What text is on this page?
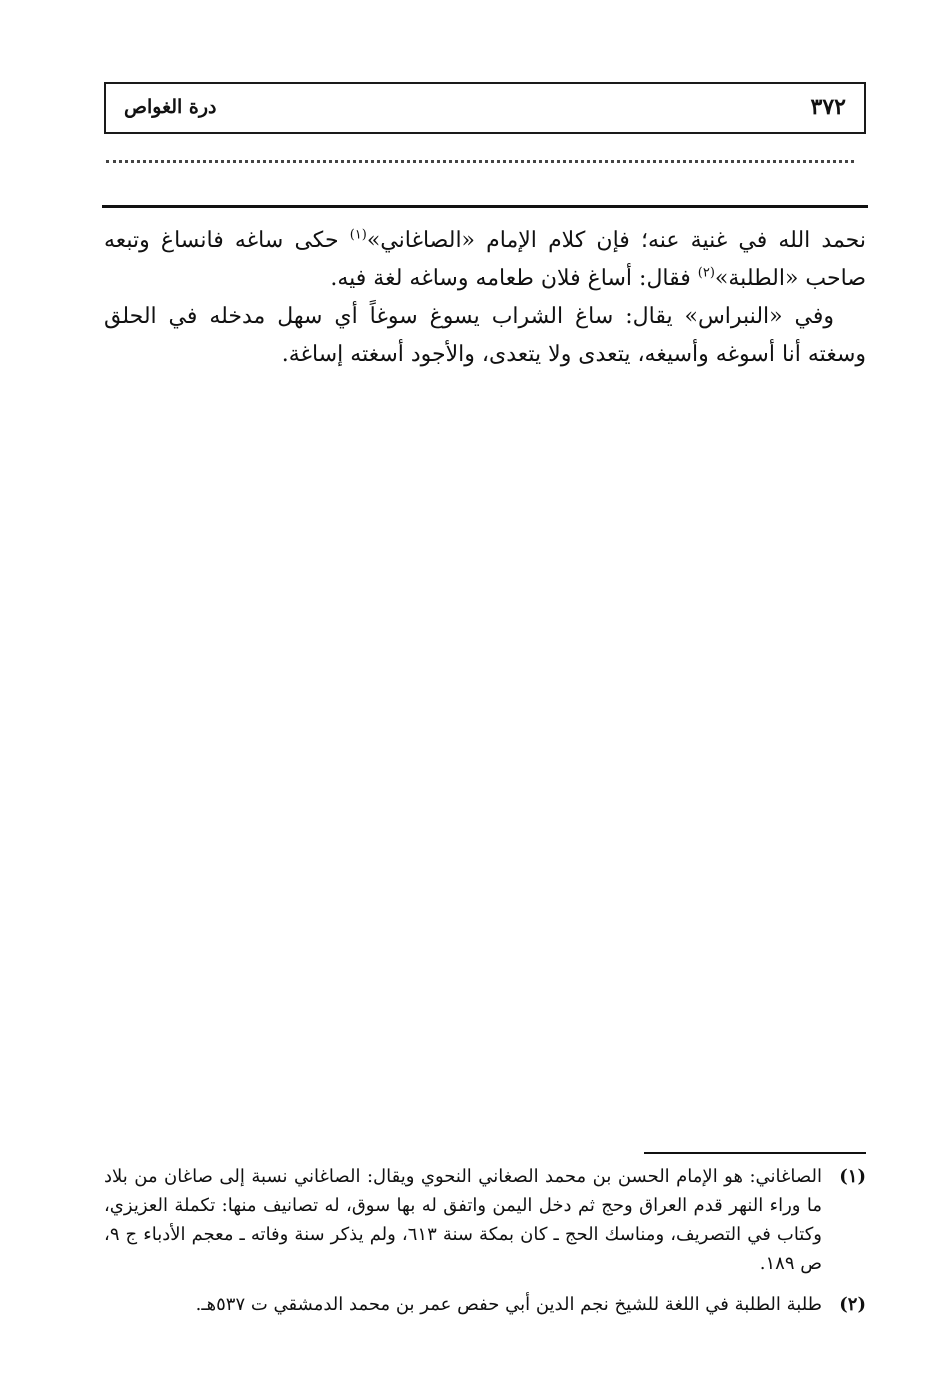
٣٧٢
درة الغواص

نحمد الله في غنية عنه؛ فإن كلام الإمام «الصاغاني»$^{(١)}$ حكى ساغه فانساغ وتبعه صاحب «الطلبة»$^{(٢)}$ فقال: أساغ فلان طعامه وساغه لغة فيه.

وفي «النبراس» يقال: ساغ الشراب يسوغ سوغاً أي سهل مدخله في الحلق وسغته أنا أسوغه وأسيغه، يتعدى ولا يتعدى، والأجود أسغته إساغة.

(١)
الصاغاني: هو الإمام الحسن بن محمد الصغاني النحوي ويقال: الصاغاني نسبة إلى صاغان من بلاد ما وراء النهر قدم العراق وحج ثم دخل اليمن واتفق له بها سوق، له تصانيف منها: تكملة العزيزي، وكتاب في التصريف، ومناسك الحج ـ كان بمكة سنة ٦١٣، ولم يذكر سنة وفاته ـ معجم الأدباء ج ٩، ص ١٨٩.
(٢)
طلبة الطلبة في اللغة للشيخ نجم الدين أبي حفص عمر بن محمد الدمشقي ت ٥٣٧هـ.
